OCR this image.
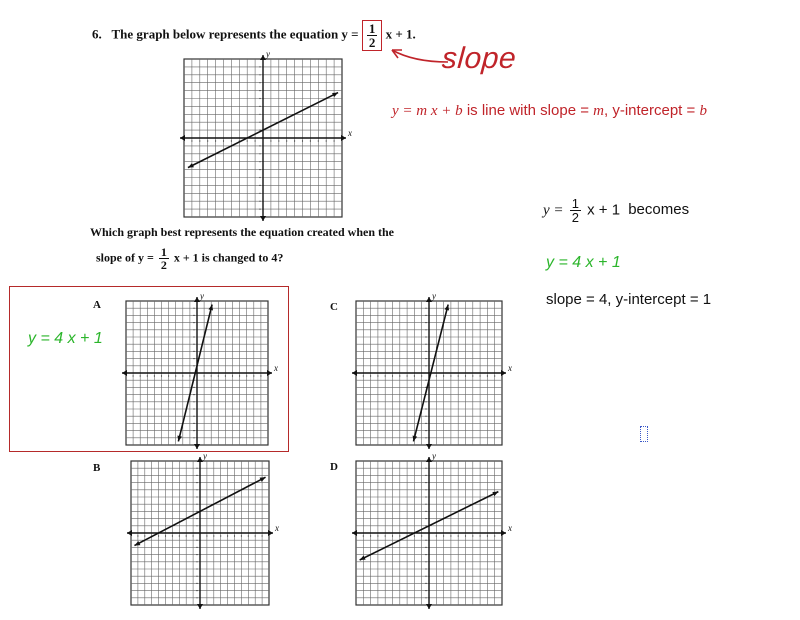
6. The graph below represents the equation $y = \frac{1}{2}$ x + 1.
slope
x
y
y = m x + b is line with slope = m, y-intercept = b
Which graph best represents the equation created when the
slope of $y = \frac{1}{2}$ x + 1 is changed to 4?
$y = \frac{1}{2}$ x + 1 becomes
y = 4 x + 1
slope = 4, y-intercept = 1
y = 4 x + 1
A
B
C
D
x
y
x
y
x
y
x
y
